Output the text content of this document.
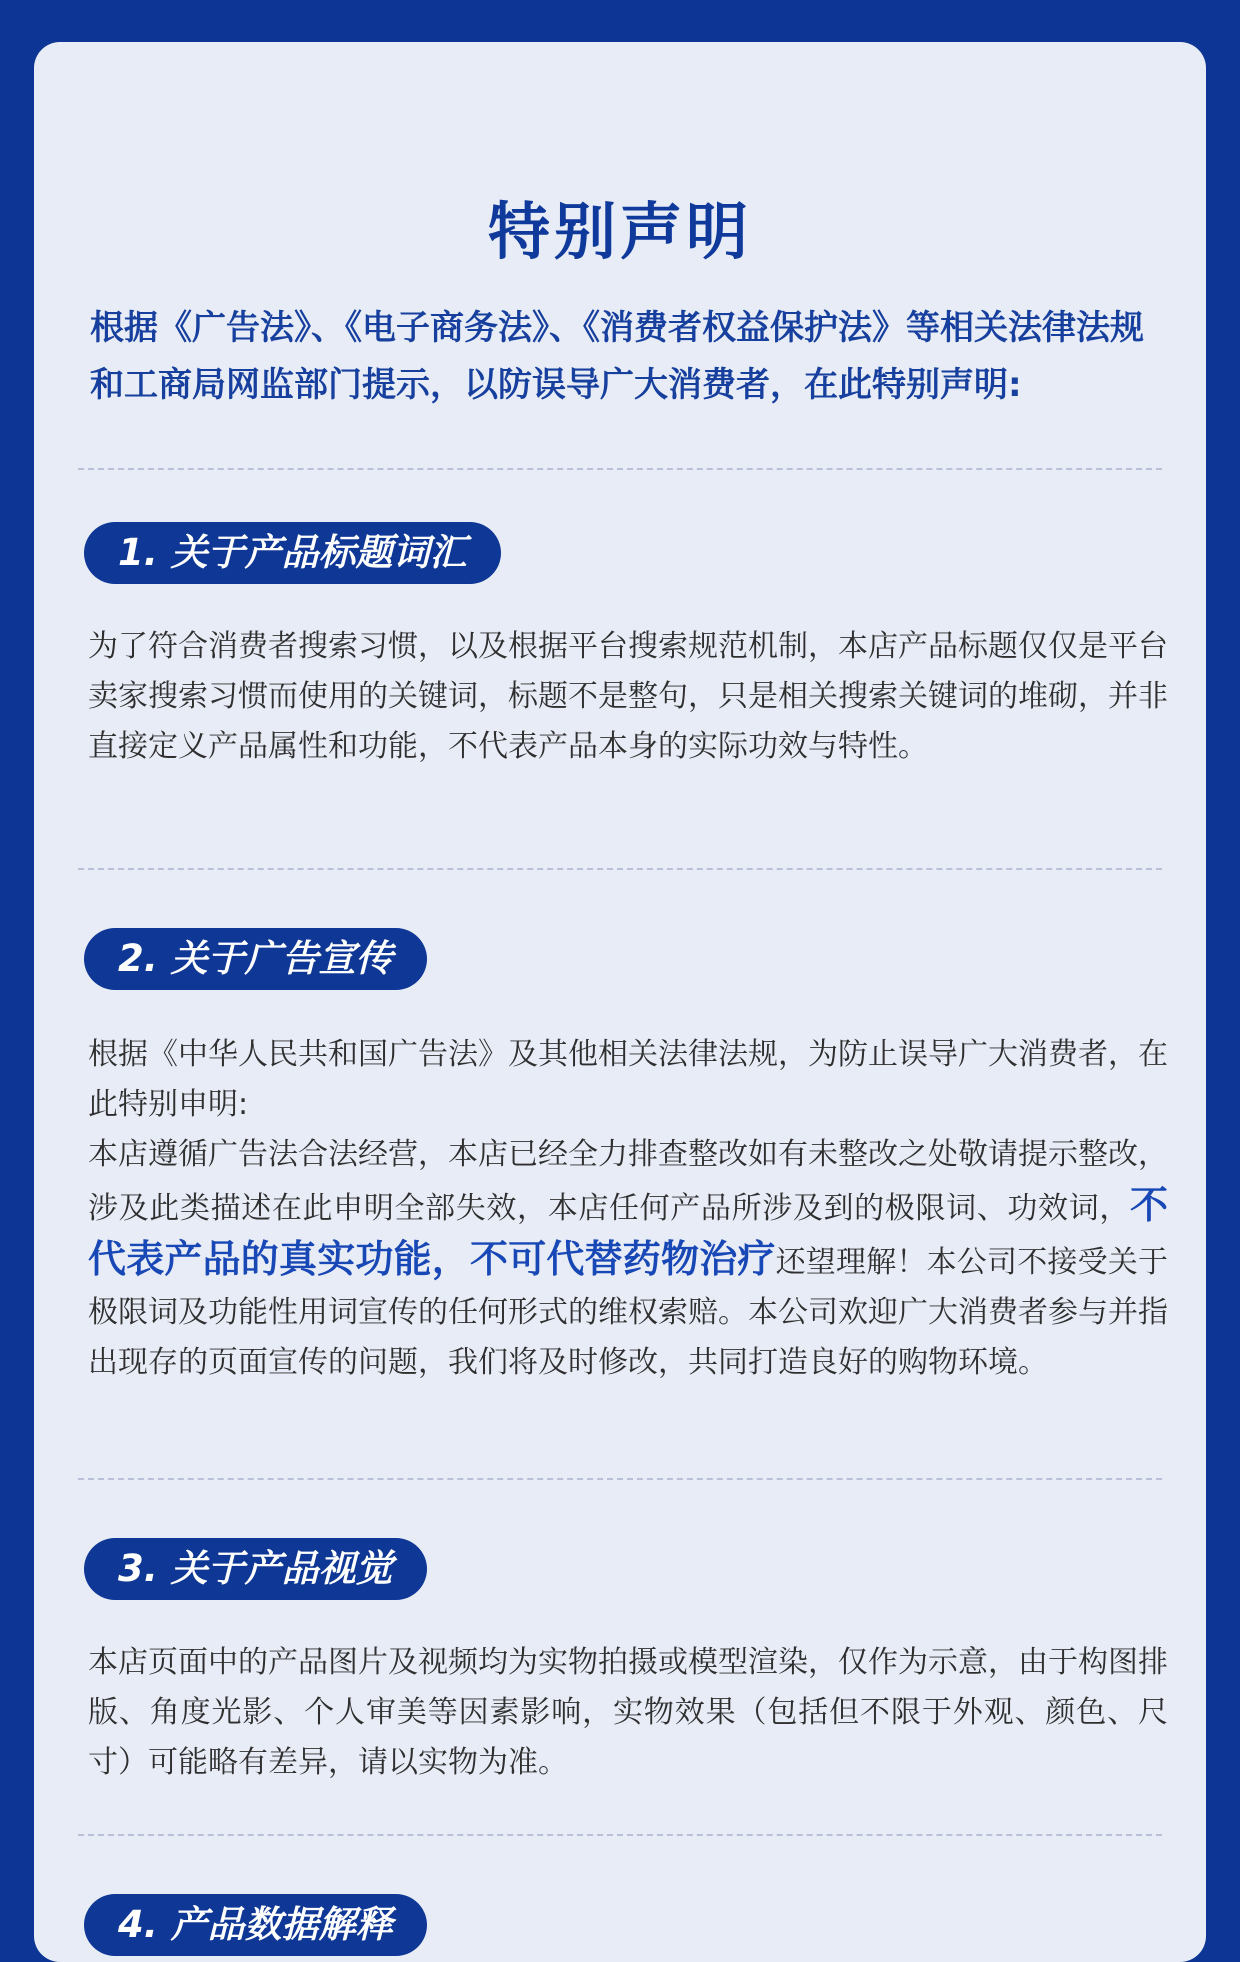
特别声明

根据《广告法》、《电子商务法》、《消费者权益保护法》等相关法律法规和工商局网监部门提示，以防误导广大消费者，在此特别声明:

1. 关于产品标题词汇

为了符合消费者搜索习惯，以及根据平台搜索规范机制，本店产品标题仅仅是平台卖家搜索习惯而使用的关键词，标题不是整句，只是相关搜索关键词的堆砌，并非直接定义产品属性和功能，不代表产品本身的实际功效与特性。

2. 关于广告宣传

根据《中华人民共和国广告法》及其他相关法律法规，为防止误导广大消费者，在此特别申明:

本店遵循广告法合法经营，本店已经全力排查整改如有未整改之处敬请提示整改，涉及此类描述在此申明全部失效，本店任何产品所涉及到的极限词、功效词，不代表产品的真实功能，不可代替药物治疗还望理解！本公司不接受关于极限词及功能性用词宣传的任何形式的维权索赔。本公司欢迎广大消费者参与并指出现存的页面宣传的问题，我们将及时修改，共同打造良好的购物环境。

3. 关于产品视觉

本店页面中的产品图片及视频均为实物拍摄或模型渲染，仅作为示意，由于构图排版、角度光影、个人审美等因素影响，实物效果（包括但不限于外观、颜色、尺寸）可能略有差异，请以实物为准。

4. 产品数据解释
